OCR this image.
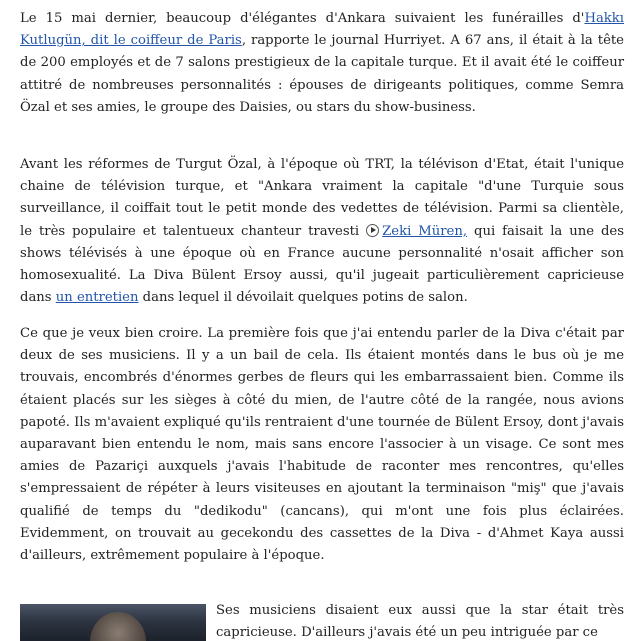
Le 15 mai dernier, beaucoup d'élégantes d'Ankara suivaient les funérailles d'Hakkı Kutlugün, dit le coiffeur de Paris, rapporte le journal Hurriyet. A 67 ans, il était à la tête de 200 employés et de 7 salons prestigieux de la capitale turque. Et il avait été le coiffeur attitré de nombreuses personnalités : épouses de dirigeants politiques, comme Semra Özal et ses amies, le groupe des Daisies, ou stars du show-business.

Avant les réformes de Turgut Özal, à l'époque où TRT, la télévison d'Etat, était l'unique chaine de télévision turque, et "Ankara vraiment la capitale "d'une Turquie sous surveillance, il coiffait tout le petit monde des vedettes de télévision. Parmi sa clientèle, le très populaire et talentueux chanteur travesti Zeki Müren, qui faisait la une des shows télévisés à une époque où en France aucune personnalité n'osait afficher son homosexualité. La Diva Bülent Ersoy aussi, qu'il jugeait particulièrement capricieuse dans un entretien dans lequel il dévoilait quelques potins de salon.

Ce que je veux bien croire. La première fois que j'ai entendu parler de la Diva c'était par deux de ses musiciens. Il y a un bail de cela. Ils étaient montés dans le bus où je me trouvais, encombrés d'énormes gerbes de fleurs qui les embarrassaient bien. Comme ils étaient placés sur les sièges à côté du mien, de l'autre côté de la rangée, nous avions papoté. Ils m'avaient expliqué qu'ils rentraient d'une tournée de Bülent Ersoy, dont j'avais auparavant bien entendu le nom, mais sans encore l'associer à un visage. Ce sont mes amies de Pazariçi auxquels j'avais l'habitude de raconter mes rencontres, qu'elles s'empressaient de répéter à leurs visiteuses en ajoutant la terminaison "miş" que j'avais qualifié de temps du "dedikodu" (cancans), qui m'ont une fois plus éclairées. Evidemment, on trouvait au gecekondu des cassettes de la Diva - d'Ahmet Kaya aussi d'ailleurs, extrêmement populaire à l'époque.

Ses musiciens disaient eux aussi que la star était très capricieuse. D'ailleurs j'avais été un peu intriguée par ce
